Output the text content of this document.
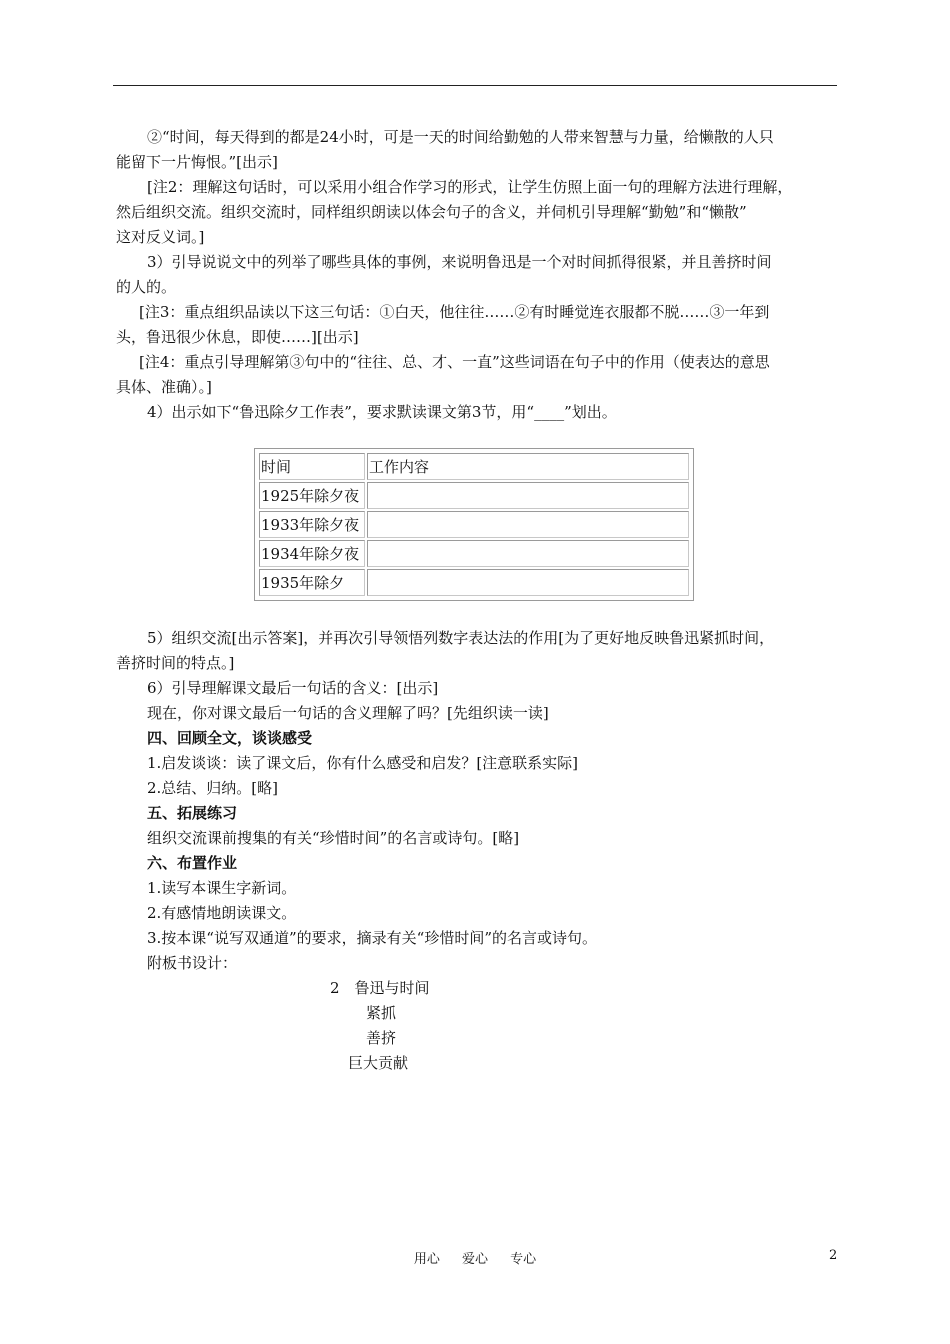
②“时间，每天得到的都是24小时，可是一天的时间给勤勉的人带来智慧与力量，给懒散的人只
能留下一片悔恨。”[出示]
[注2：理解这句话时，可以采用小组合作学习的形式，让学生仿照上面一句的理解方法进行理解，
然后组织交流。组织交流时，同样组织朗读以体会句子的含义，并伺机引导理解“勤勉”和“懒散”
这对反义词。]
3）引导说说文中的列举了哪些具体的事例，来说明鲁迅是一个对时间抓得很紧，并且善挤时间
的人的。
[注3：重点组织品读以下这三句话：①白天，他往往……②有时睡觉连衣服都不脱……③一年到
头，鲁迅很少休息，即使……][出示]
[注4：重点引导理解第③句中的“往往、总、才、一直”这些词语在句子中的作用（使表达的意思
具体、准确）。]
4）出示如下“鲁迅除夕工作表”，要求默读课文第3节，用“____”划出。
时间	工作内容
1925年除夕夜	
1933年除夕夜	
1934年除夕夜	
1935年除夕	
5）组织交流[出示答案]，并再次引导领悟列数字表达法的作用[为了更好地反映鲁迅紧抓时间，
善挤时间的特点。]
6）引导理解课文最后一句话的含义：[出示]
现在，你对课文最后一句话的含义理解了吗？[先组织读一读]
四、回顾全文，谈谈感受
1.启发谈谈：读了课文后，你有什么感受和启发？[注意联系实际]
2.总结、归纳。[略]
五、拓展练习
组织交流课前搜集的有关“珍惜时间”的名言或诗句。[略]
六、布置作业
1.读写本课生字新词。
2.有感情地朗读课文。
3.按本课“说写双通道”的要求，摘录有关“珍惜时间”的名言或诗句。
附板书设计：
2　鲁迅与时间
紧抓
善挤
巨大贡献
用心 爱心 专心	2
